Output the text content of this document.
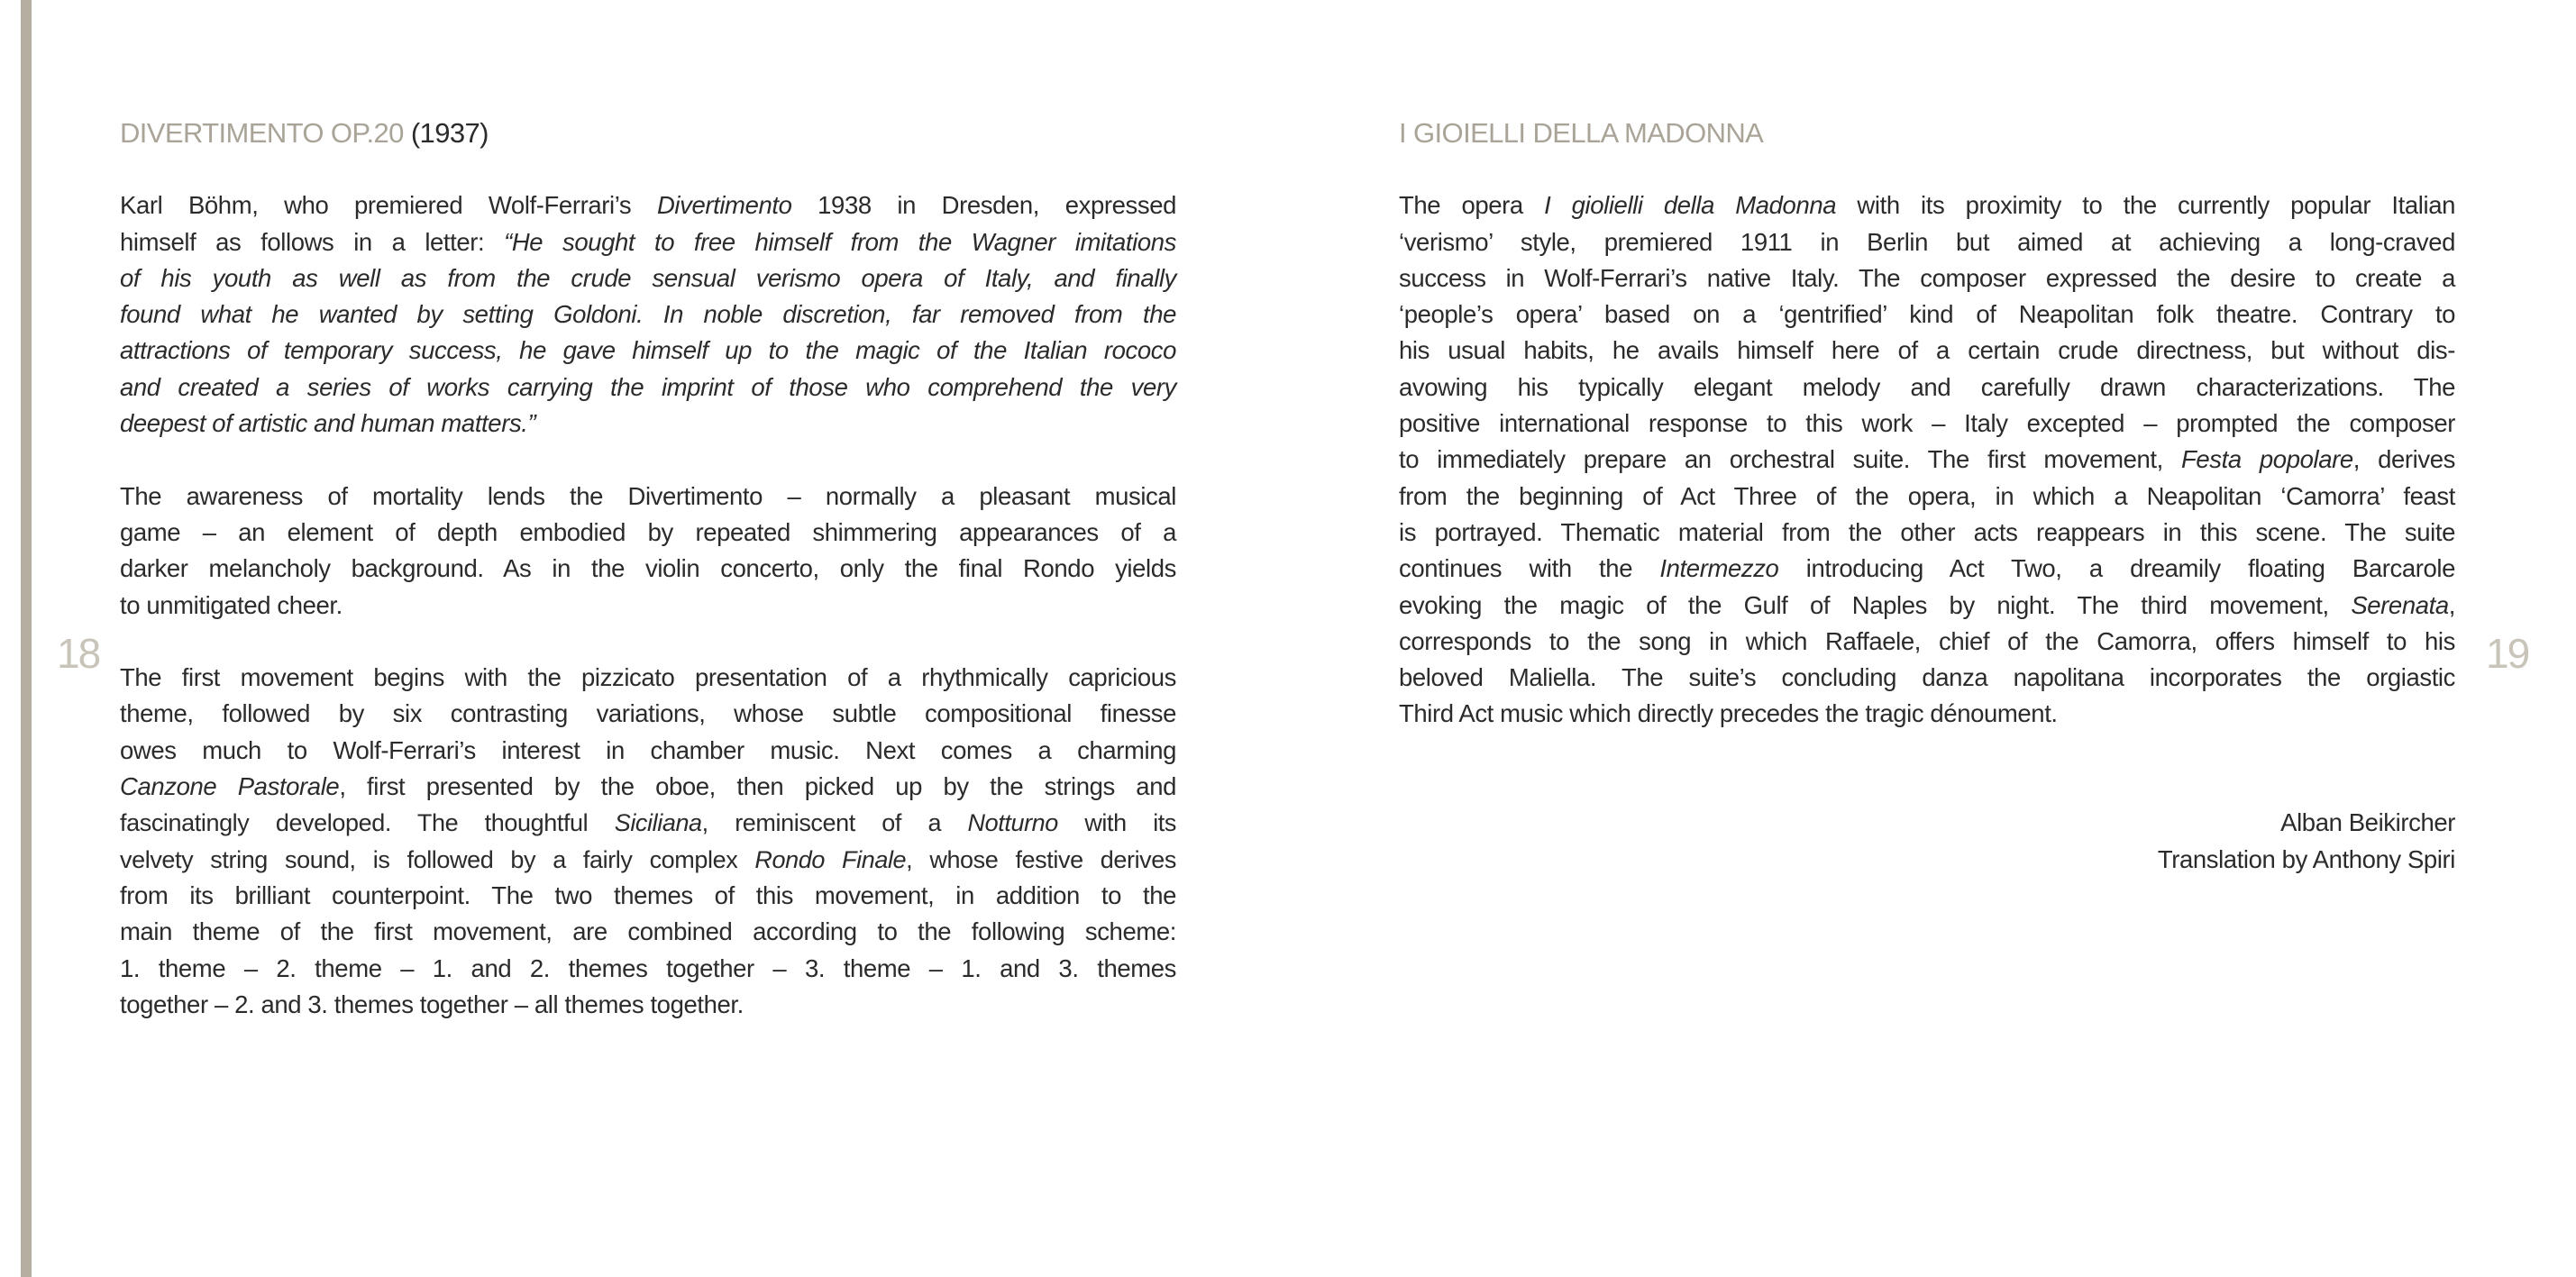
18	19
DIVERTIMENTO OP.20 (1937)

Karl Böhm, who premiered Wolf-Ferrari’s Divertimento 1938 in Dresden, expressed
himself as follows in a letter: “He sought to free himself from the Wagner imitations
of his youth as well as from the crude sensual verismo opera of Italy, and finally
found what he wanted by setting Goldoni. In noble discretion, far removed from the
attractions of temporary success, he gave himself up to the magic of the Italian rococo
and created a series of works carrying the imprint of those who comprehend the very
deepest of artistic and human matters.”

The awareness of mortality lends the Divertimento – normally a pleasant musical
game – an element of depth embodied by repeated shimmering appearances of a
darker melancholy background. As in the violin concerto, only the final Rondo yields
to unmitigated cheer.

The first movement begins with the pizzicato presentation of a rhythmically capricious
theme, followed by six contrasting variations, whose subtle compositional finesse
owes much to Wolf-Ferrari’s interest in chamber music. Next comes a charming
Canzone Pastorale, first presented by the oboe, then picked up by the strings and
fascinatingly developed. The thoughtful Siciliana, reminiscent of a Notturno with its
velvety string sound, is followed by a fairly complex Rondo Finale, whose festive derives
from its brilliant counterpoint. The two themes of this movement, in addition to the
main theme of the first movement, are combined according to the following scheme:
1. theme – 2. theme – 1. and 2. themes together – 3. theme – 1. and 3. themes
together – 2. and 3. themes together – all themes together.

I GIOIELLI DELLA MADONNA

The opera I giolielli della Madonna with its proximity to the currently popular Italian
‘verismo’ style, premiered 1911 in Berlin but aimed at achieving a long-craved
success in Wolf-Ferrari’s native Italy. The composer expressed the desire to create a
‘people’s opera’ based on a ‘gentrified’ kind of Neapolitan folk theatre. Contrary to
his usual habits, he avails himself here of a certain crude directness, but without dis-
avowing his typically elegant melody and carefully drawn characterizations. The
positive international response to this work – Italy excepted – prompted the composer
to immediately prepare an orchestral suite. The first movement, Festa popolare, derives
from the beginning of Act Three of the opera, in which a Neapolitan ‘Camorra’ feast
is portrayed. Thematic material from the other acts reappears in this scene. The suite
continues with the Intermezzo introducing Act Two, a dreamily floating Barcarole
evoking the magic of the Gulf of Naples by night. The third movement, Serenata,
corresponds to the song in which Raffaele, chief of the Camorra, offers himself to his
beloved Maliella. The suite’s concluding danza napolitana incorporates the orgiastic
Third Act music which directly precedes the tragic dénoument.

Alban Beikircher
Translation by Anthony Spiri
